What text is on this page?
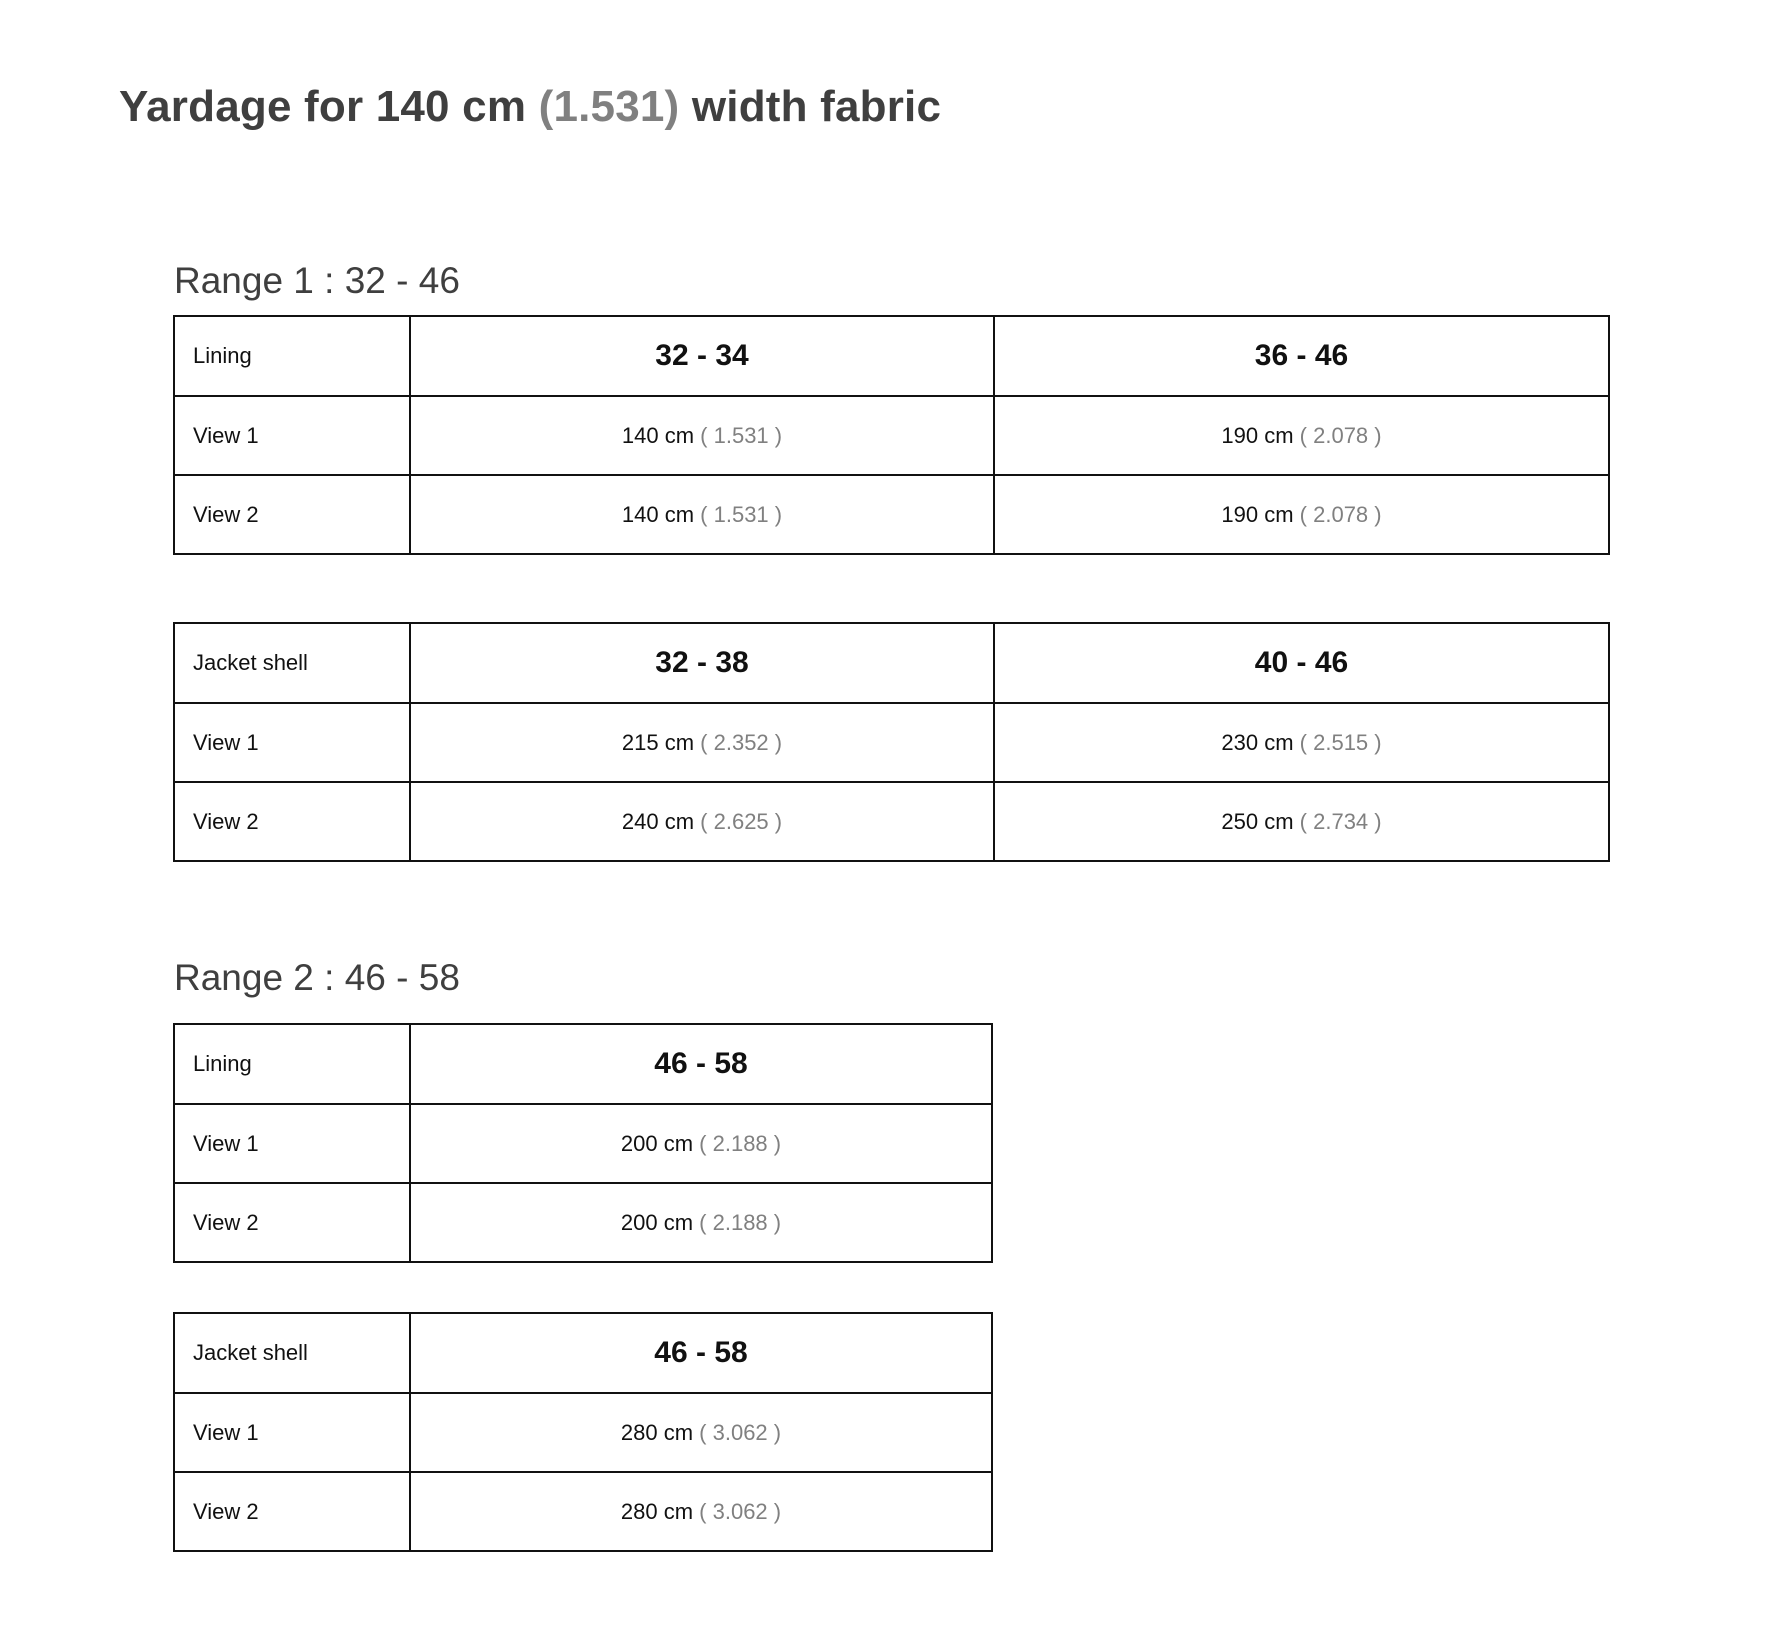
Yardage for 140 cm (1.531) width fabric
Range 1 : 32 - 46
Lining	32 - 34	36 - 46
View 1	140 cm ( 1.531 )	190 cm ( 2.078 )
View 2	140 cm ( 1.531 )	190 cm ( 2.078 )
Jacket shell	32 - 38	40 - 46
View 1	215 cm ( 2.352 )	230 cm ( 2.515 )
View 2	240 cm ( 2.625 )	250 cm ( 2.734 )
Range 2 : 46 - 58
Lining	46 - 58
View 1	200 cm ( 2.188 )
View 2	200 cm ( 2.188 )
Jacket shell	46 - 58
View 1	280 cm ( 3.062 )
View 2	280 cm ( 3.062 )
